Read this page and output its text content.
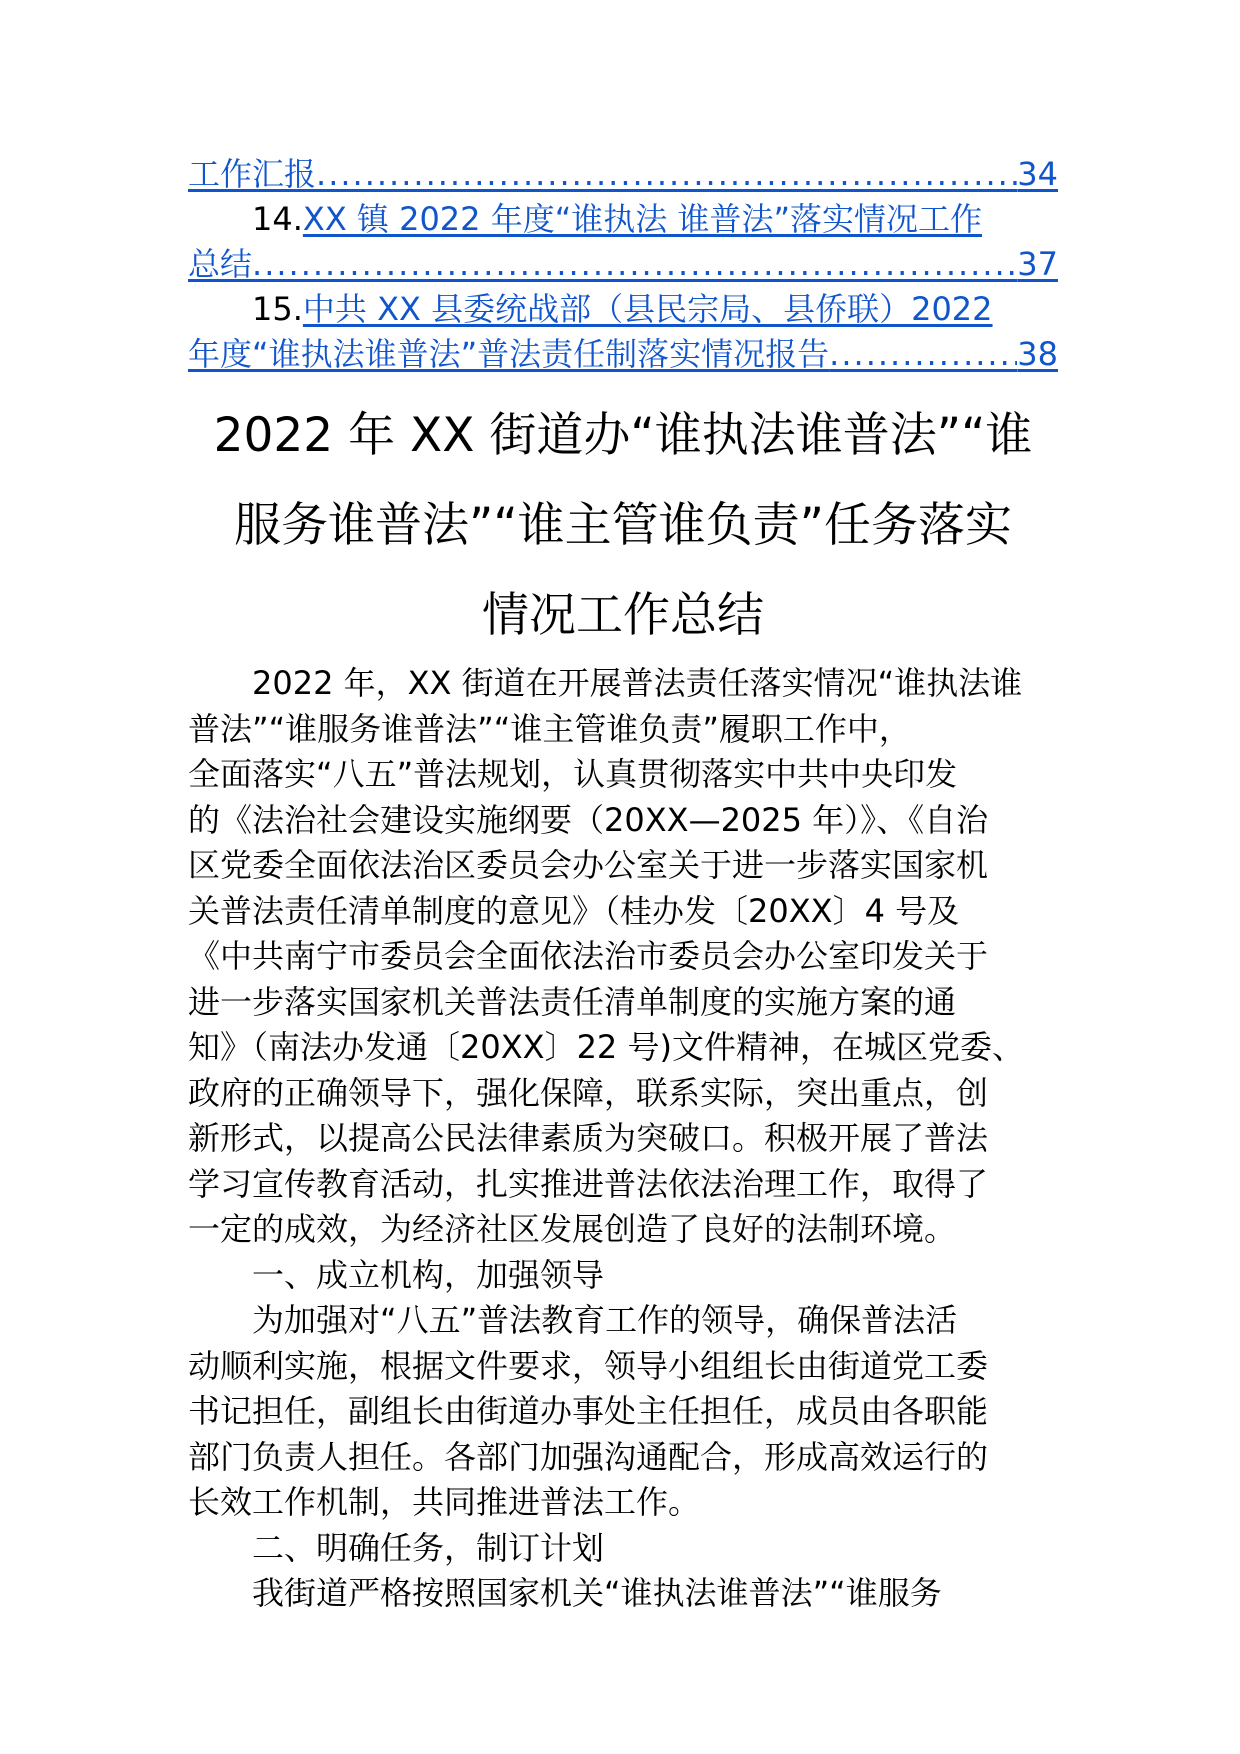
工作汇报 .....	34
14. XX 镇 2022 年度“谁执法 谁普法”落实情况工作
总结 .....	37
15. 中共 XX 县委统战部（县民宗局、县侨联）2022
年度“谁执法谁普法”普法责任制落实情况报告 .....	38
2022 年 XX 街道办“谁执法谁普法”“谁
服务谁普法”“谁主管谁负责”任务落实
情况工作总结
2022 年，XX 街道在开展普法责任落实情况“谁执法谁
普法”“谁服务谁普法”“谁主管谁负责”履职工作中，
全面落实“八五”普法规划，认真贯彻落实中共中央印发
的《法治社会建设实施纲要（20XX—2025 年）》、《自治
区党委全面依法治区委员会办公室关于进一步落实国家机
关普法责任清单制度的意见》（桂办发〔20XX〕4 号及
《中共南宁市委员会全面依法治市委员会办公室印发关于
进一步落实国家机关普法责任清单制度的实施方案的通
知》（南法办发通〔20XX〕22 号)文件精神，在城区党委、
政府的正确领导下，强化保障，联系实际，突出重点，创
新形式，以提高公民法律素质为突破口。积极开展了普法
学习宣传教育活动，扎实推进普法依法治理工作，取得了
一定的成效，为经济社区发展创造了良好的法制环境。
一、成立机构，加强领导
为加强对“八五”普法教育工作的领导，确保普法活
动顺利实施，根据文件要求，领导小组组长由街道党工委
书记担任，副组长由街道办事处主任担任，成员由各职能
部门负责人担任。各部门加强沟通配合，形成高效运行的
长效工作机制，共同推进普法工作。
二、明确任务，制订计划
我街道严格按照国家机关“谁执法谁普法”“谁服务
